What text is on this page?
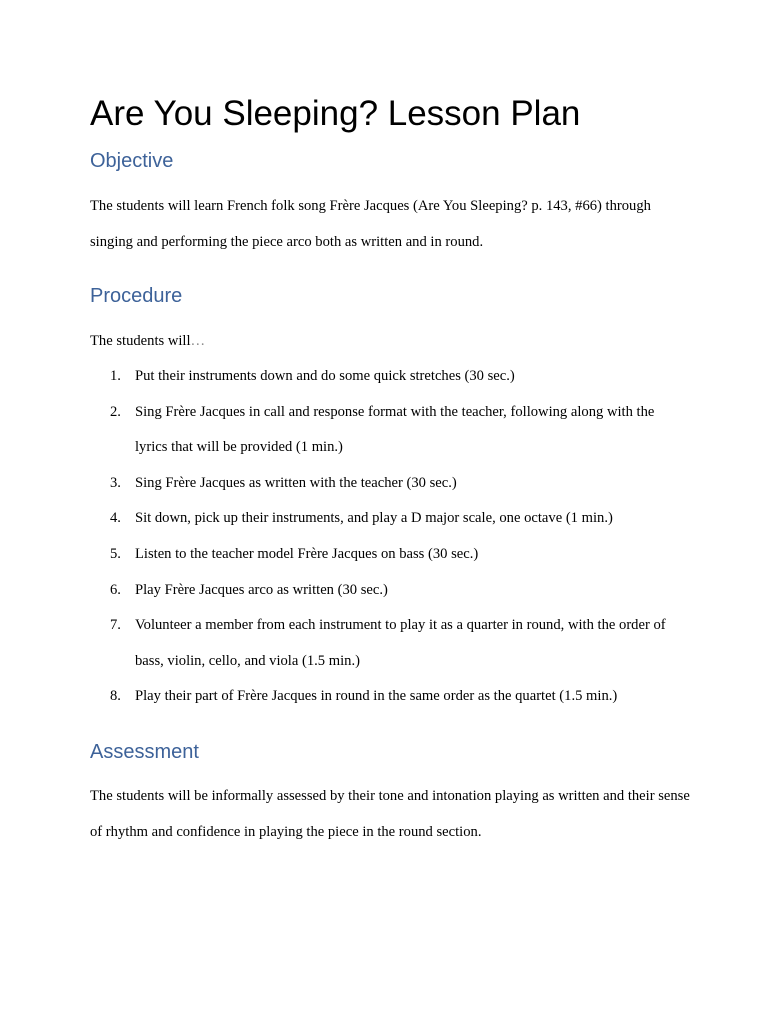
Are You Sleeping? Lesson Plan
Objective

The students will learn French folk song Frère Jacques (Are You Sleeping? p. 143, #66) through singing and performing the piece arco both as written and in round.

Procedure

The students will…

1. Put their instruments down and do some quick stretches (30 sec.)
2. Sing Frère Jacques in call and response format with the teacher, following along with the lyrics that will be provided (1 min.)
3. Sing Frère Jacques as written with the teacher (30 sec.)
4. Sit down, pick up their instruments, and play a D major scale, one octave (1 min.)
5. Listen to the teacher model Frère Jacques on bass (30 sec.)
6. Play Frère Jacques arco as written (30 sec.)
7. Volunteer a member from each instrument to play it as a quarter in round, with the order of bass, violin, cello, and viola (1.5 min.)
8. Play their part of Frère Jacques in round in the same order as the quartet (1.5 min.)
Assessment

The students will be informally assessed by their tone and intonation playing as written and their sense of rhythm and confidence in playing the piece in the round section.
